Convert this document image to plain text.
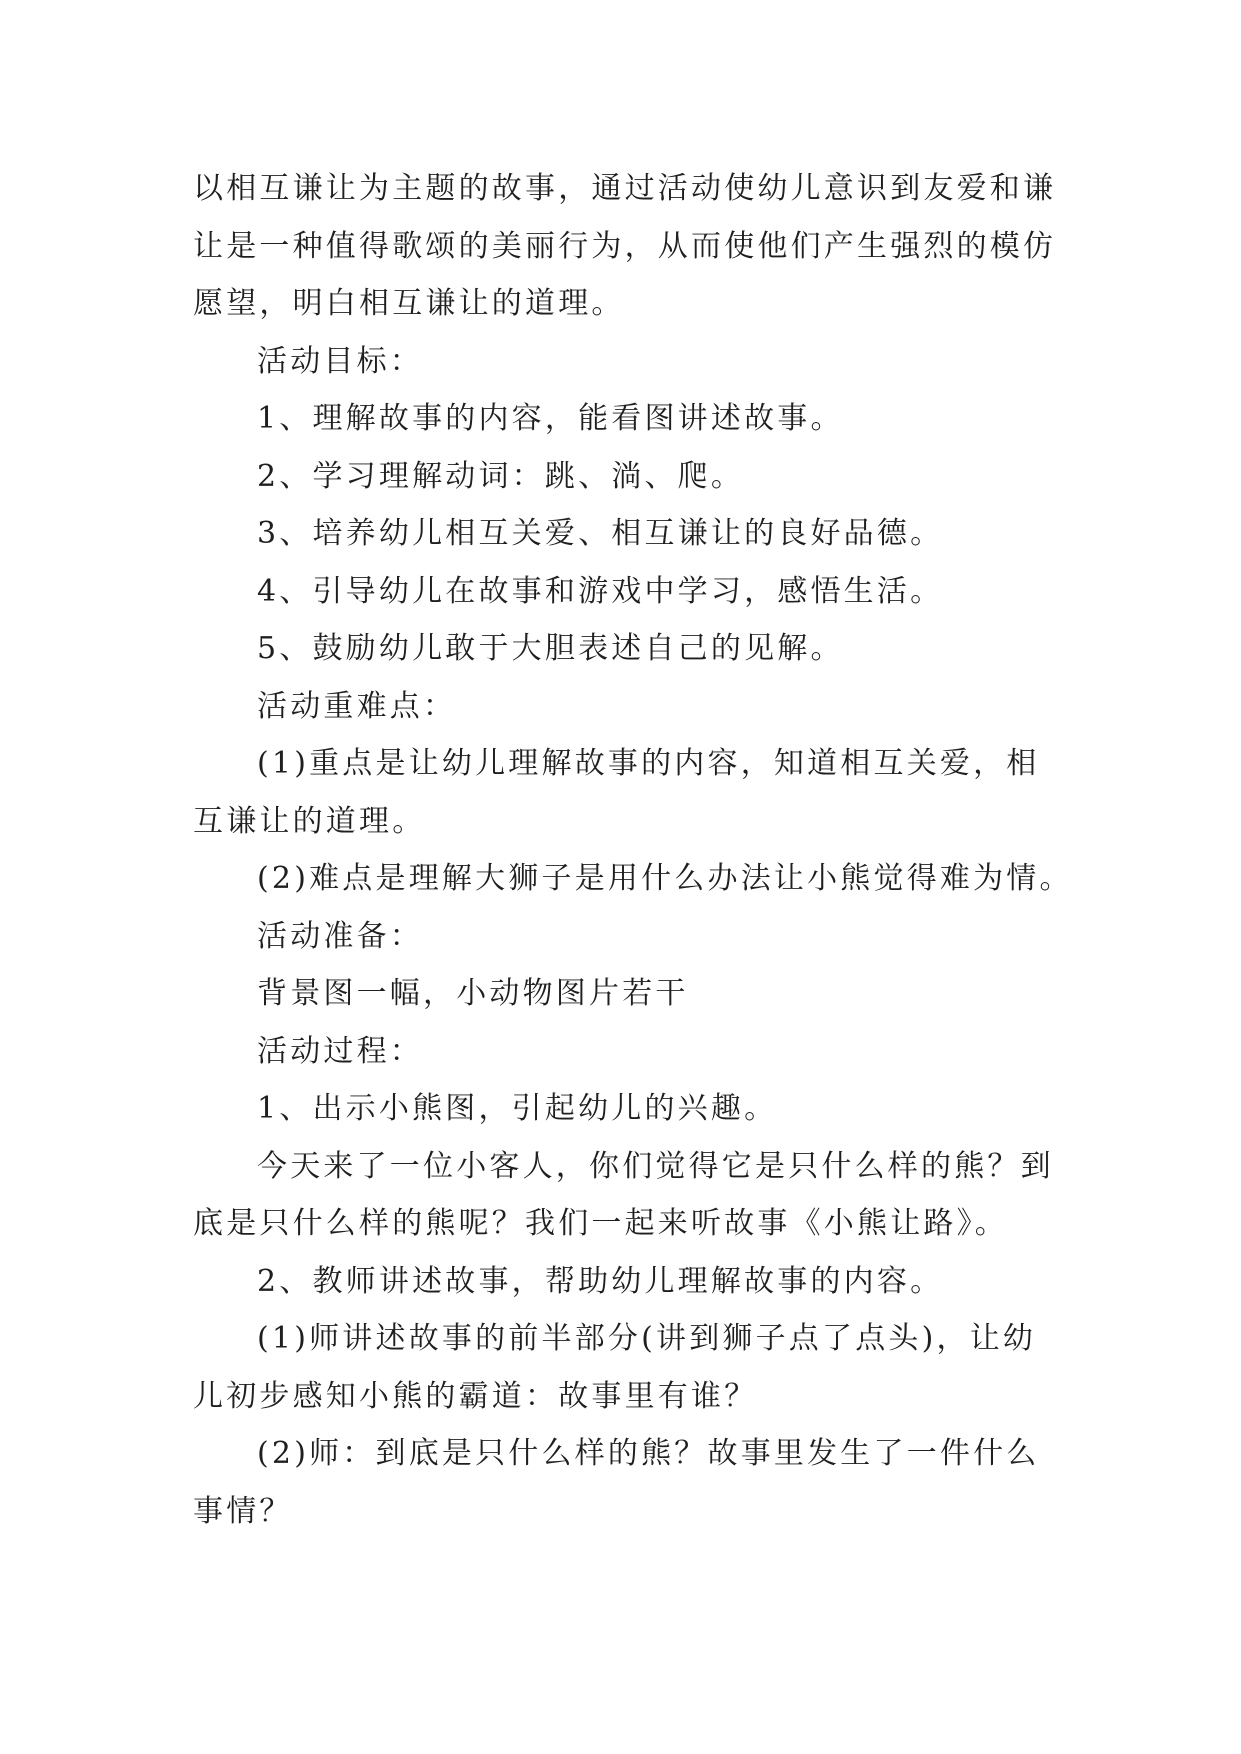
以相互谦让为主题的故事，通过活动使幼儿意识到友爱和谦

让是一种值得歌颂的美丽行为，从而使他们产生强烈的模仿

愿望，明白相互谦让的道理。

活动目标：

1、理解故事的内容，能看图讲述故事。

2、学习理解动词：跳、淌、爬。

3、培养幼儿相互关爱、相互谦让的良好品德。

4、引导幼儿在故事和游戏中学习，感悟生活。

5、鼓励幼儿敢于大胆表述自己的见解。

活动重难点：

(1)重点是让幼儿理解故事的内容，知道相互关爱，相

互谦让的道理。

(2)难点是理解大狮子是用什么办法让小熊觉得难为情。

活动准备：

背景图一幅，小动物图片若干

活动过程：

1、出示小熊图，引起幼儿的兴趣。

今天来了一位小客人，你们觉得它是只什么样的熊？到

底是只什么样的熊呢？我们一起来听故事《小熊让路》。

2、教师讲述故事，帮助幼儿理解故事的内容。

(1)师讲述故事的前半部分(讲到狮子点了点头)，让幼

儿初步感知小熊的霸道：故事里有谁？

(2)师：到底是只什么样的熊？故事里发生了一件什么

事情？
